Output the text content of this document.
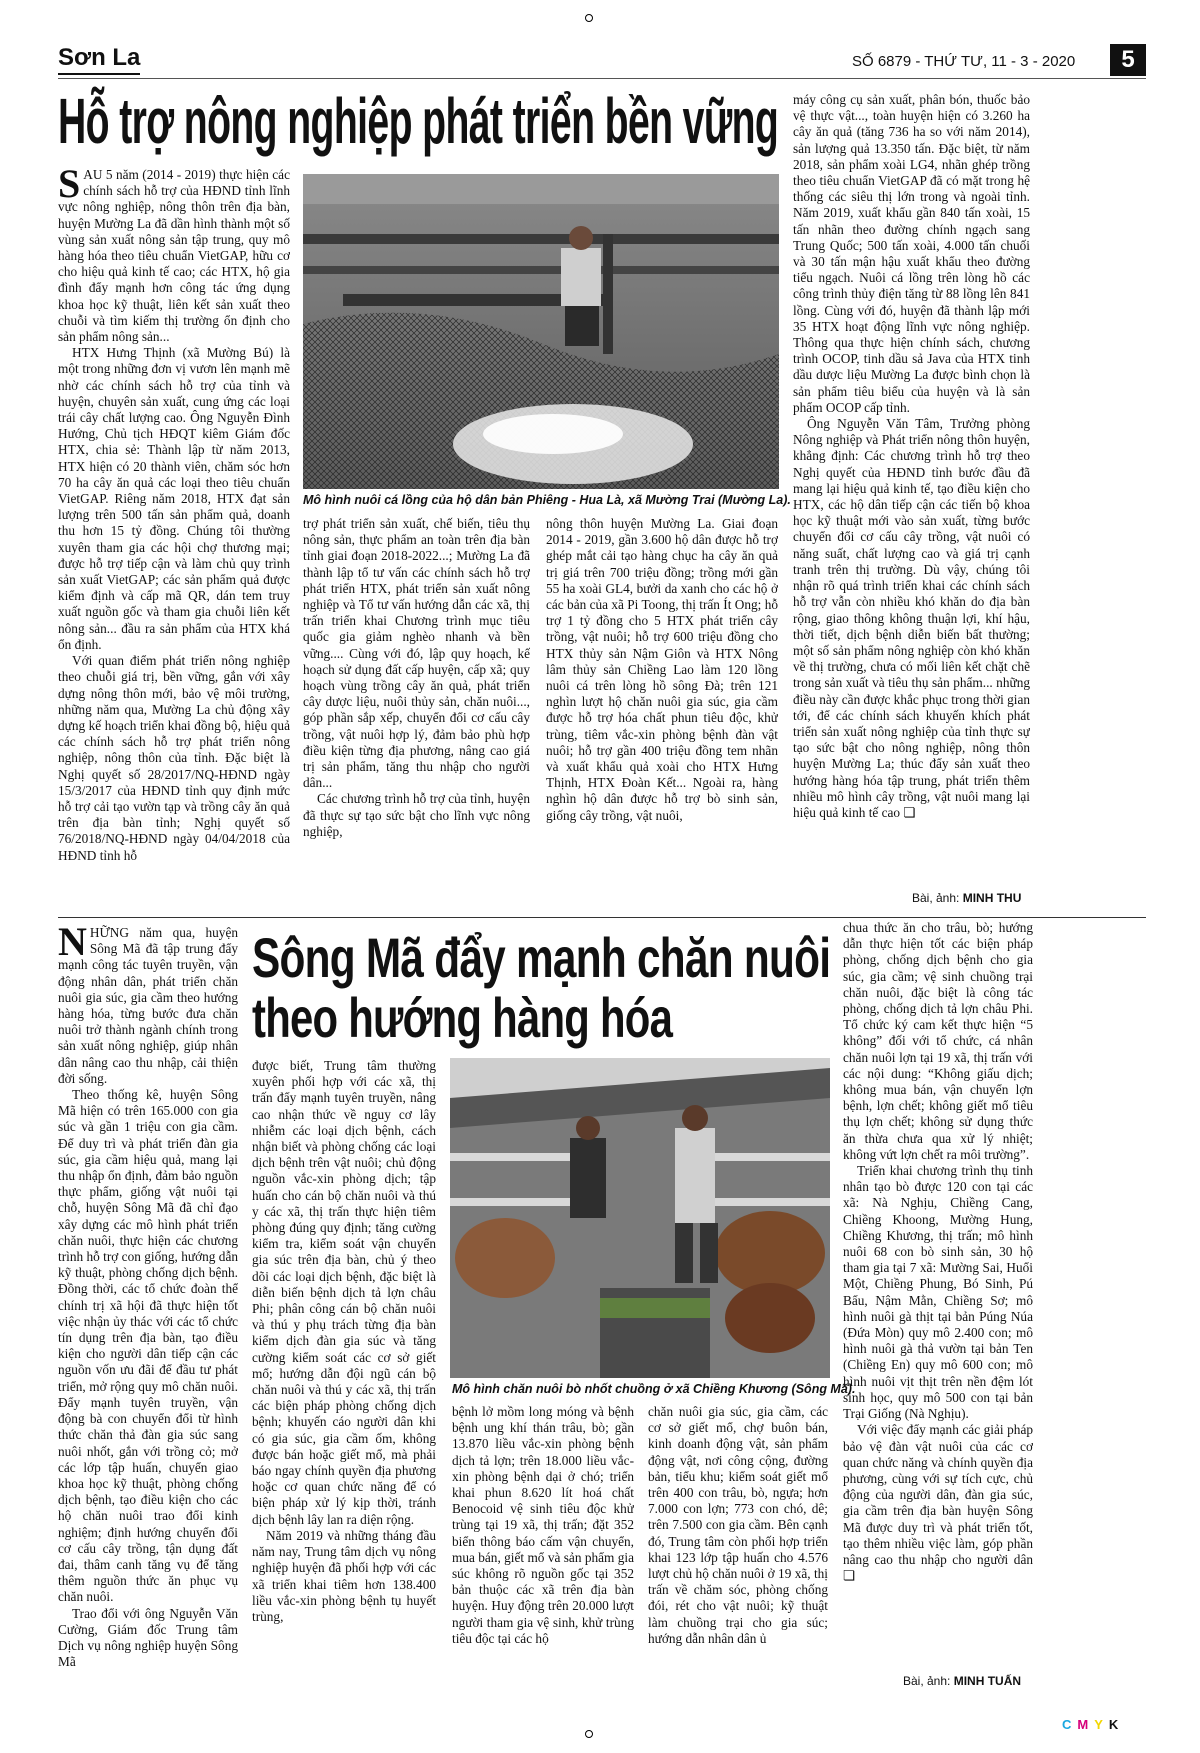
Sơn La	SỐ 6879 - THỨ TƯ, 11 - 3 - 2020	5
Hỗ trợ nông nghiệp phát triển bền vững

SAU 5 năm (2014 - 2019) thực hiện các chính sách hỗ trợ của HĐND tỉnh lĩnh vực nông nghiệp, nông thôn trên địa bàn, huyện Mường La đã dần hình thành một số vùng sản xuất nông sản tập trung, quy mô hàng hóa theo tiêu chuẩn VietGAP, hữu cơ cho hiệu quả kinh tế cao; các HTX, hộ gia đình đẩy mạnh hơn công tác ứng dụng khoa học kỹ thuật, liên kết sản xuất theo chuỗi và tìm kiếm thị trường ổn định cho sản phẩm nông sản...

HTX Hưng Thịnh (xã Mường Bú) là một trong những đơn vị vươn lên mạnh mẽ nhờ các chính sách hỗ trợ của tỉnh và huyện, chuyên sản xuất, cung ứng các loại trái cây chất lượng cao. Ông Nguyễn Đình Hướng, Chủ tịch HĐQT kiêm Giám đốc HTX, chia sẻ: Thành lập từ năm 2013, HTX hiện có 20 thành viên, chăm sóc hơn 70 ha cây ăn quả các loại theo tiêu chuẩn VietGAP. Riêng năm 2018, HTX đạt sản lượng trên 500 tấn sản phẩm quả, doanh thu hơn 15 tỷ đồng. Chúng tôi thường xuyên tham gia các hội chợ thương mại; được hỗ trợ tiếp cận và làm chủ quy trình sản xuất VietGAP; các sản phẩm quả được kiểm định và cấp mã QR, dán tem truy xuất nguồn gốc và tham gia chuỗi liên kết nông sản... đầu ra sản phẩm của HTX khá ổn định.

Với quan điểm phát triển nông nghiệp theo chuỗi giá trị, bền vững, gắn với xây dựng nông thôn mới, bảo vệ môi trường, những năm qua, Mường La chủ động xây dựng kế hoạch triển khai đồng bộ, hiệu quả các chính sách hỗ trợ phát triển nông nghiệp, nông thôn của tỉnh. Đặc biệt là Nghị quyết số 28/2017/NQ-HĐND ngày 15/3/2017 của HĐND tỉnh quy định mức hỗ trợ cải tạo vườn tạp và trồng cây ăn quả trên địa bàn tỉnh; Nghị quyết số 76/2018/NQ-HĐND ngày 04/04/2018 của HĐND tỉnh hỗ

Mô hình nuôi cá lồng của hộ dân bản Phiêng - Hua Là, xã Mường Trai (Mường La).

trợ phát triển sản xuất, chế biến, tiêu thụ nông sản, thực phẩm an toàn trên địa bàn tỉnh giai đoạn 2018-2022...; Mường La đã thành lập tổ tư vấn các chính sách hỗ trợ phát triển HTX, phát triển sản xuất nông nghiệp và Tổ tư vấn hướng dẫn các xã, thị trấn triển khai Chương trình mục tiêu quốc gia giảm nghèo nhanh và bền vững.... Cùng với đó, lập quy hoạch, kế hoạch sử dụng đất cấp huyện, cấp xã; quy hoạch vùng trồng cây ăn quả, phát triển cây dược liệu, nuôi thủy sản, chăn nuôi..., góp phần sắp xếp, chuyển đổi cơ cấu cây trồng, vật nuôi hợp lý, đảm bảo phù hợp điều kiện từng địa phương, nâng cao giá trị sản phẩm, tăng thu nhập cho người dân...

Các chương trình hỗ trợ của tỉnh, huyện đã thực sự tạo sức bật cho lĩnh vực nông nghiệp,

nông thôn huyện Mường La. Giai đoạn 2014 - 2019, gần 3.600 hộ dân được hỗ trợ ghép mắt cải tạo hàng chục ha cây ăn quả trị giá trên 700 triệu đồng; trồng mới gần 55 ha xoài GL4, bưởi da xanh cho các hộ ở các bản của xã Pi Toong, thị trấn Ít Ong; hỗ trợ 1 tỷ đồng cho 5 HTX phát triển cây trồng, vật nuôi; hỗ trợ 600 triệu đồng cho HTX thủy sản Nậm Giôn và HTX Nông lâm thủy sản Chiềng Lao làm 120 lồng nuôi cá trên lòng hồ sông Đà; trên 121 nghìn lượt hộ chăn nuôi gia súc, gia cầm được hỗ trợ hóa chất phun tiêu độc, khử trùng, tiêm vắc-xin phòng bệnh đàn vật nuôi; hỗ trợ gần 400 triệu đồng tem nhãn và xuất khẩu quả xoài cho HTX Hưng Thịnh, HTX Đoàn Kết... Ngoài ra, hàng nghìn hộ dân được hỗ trợ bò sinh sản, giống cây trồng, vật nuôi,

máy công cụ sản xuất, phân bón, thuốc bảo vệ thực vật..., toàn huyện hiện có 3.260 ha cây ăn quả (tăng 736 ha so với năm 2014), sản lượng quả 13.350 tấn. Đặc biệt, từ năm 2018, sản phẩm xoài LG4, nhãn ghép trồng theo tiêu chuẩn VietGAP đã có mặt trong hệ thống các siêu thị lớn trong và ngoài tỉnh. Năm 2019, xuất khẩu gần 840 tấn xoài, 15 tấn nhãn theo đường chính ngạch sang Trung Quốc; 500 tấn xoài, 4.000 tấn chuối và 30 tấn mận hậu xuất khẩu theo đường tiểu ngạch. Nuôi cá lồng trên lòng hồ các công trình thủy điện tăng từ 88 lồng lên 841 lồng. Cùng với đó, huyện đã thành lập mới 35 HTX hoạt động lĩnh vực nông nghiệp. Thông qua thực hiện chính sách, chương trình OCOP, tinh dầu sả Java của HTX tinh dầu dược liệu Mường La được bình chọn là sản phẩm tiêu biểu của huyện và là sản phẩm OCOP cấp tỉnh.

Ông Nguyễn Văn Tâm, Trưởng phòng Nông nghiệp và Phát triển nông thôn huyện, khẳng định: Các chương trình hỗ trợ theo Nghị quyết của HĐND tỉnh bước đầu đã mang lại hiệu quả kinh tế, tạo điều kiện cho HTX, các hộ dân tiếp cận các tiến bộ khoa học kỹ thuật mới vào sản xuất, từng bước chuyển đổi cơ cấu cây trồng, vật nuôi có năng suất, chất lượng cao và giá trị cạnh tranh trên thị trường. Dù vậy, chúng tôi nhận rõ quá trình triển khai các chính sách hỗ trợ vẫn còn nhiều khó khăn do địa bàn rộng, giao thông không thuận lợi, khí hậu, thời tiết, dịch bệnh diễn biến bất thường; một số sản phẩm nông nghiệp còn khó khăn về thị trường, chưa có mối liên kết chặt chẽ trong sản xuất và tiêu thụ sản phẩm... những điều này cần được khắc phục trong thời gian tới, để các chính sách khuyến khích phát triển sản xuất nông nghiệp của tỉnh thực sự tạo sức bật cho nông nghiệp, nông thôn huyện Mường La; thúc đẩy sản xuất theo hướng hàng hóa tập trung, phát triển thêm nhiều mô hình cây trồng, vật nuôi mang lại hiệu quả kinh tế cao ❏

Bài, ảnh: MINH THU

NHỮNG năm qua, huyện Sông Mã đã tập trung đẩy mạnh công tác tuyên truyền, vận động nhân dân, phát triển chăn nuôi gia súc, gia cầm theo hướng hàng hóa, từng bước đưa chăn nuôi trở thành ngành chính trong sản xuất nông nghiệp, giúp nhân dân nâng cao thu nhập, cải thiện đời sống.

Theo thống kê, huyện Sông Mã hiện có trên 165.000 con gia súc và gần 1 triệu con gia cầm. Để duy trì và phát triển đàn gia súc, gia cầm hiệu quả, mang lại thu nhập ổn định, đảm bảo nguồn thực phẩm, giống vật nuôi tại chỗ, huyện Sông Mã đã chỉ đạo xây dựng các mô hình phát triển chăn nuôi, thực hiện các chương trình hỗ trợ con giống, hướng dẫn kỹ thuật, phòng chống dịch bệnh. Đồng thời, các tổ chức đoàn thể chính trị xã hội đã thực hiện tốt việc nhận ủy thác với các tổ chức tín dụng trên địa bàn, tạo điều kiện cho người dân tiếp cận các nguồn vốn ưu đãi để đầu tư phát triển, mở rộng quy mô chăn nuôi. Đẩy mạnh tuyên truyền, vận động bà con chuyển đổi từ hình thức chăn thả đàn gia súc sang nuôi nhốt, gắn với trồng cỏ; mở các lớp tập huấn, chuyển giao khoa học kỹ thuật, phòng chống dịch bệnh, tạo điều kiện cho các hộ chăn nuôi trao đổi kinh nghiệm; định hướng chuyển đổi cơ cấu cây trồng, tận dụng đất đai, thâm canh tăng vụ để tăng thêm nguồn thức ăn phục vụ chăn nuôi.

Trao đổi với ông Nguyễn Văn Cường, Giám đốc Trung tâm Dịch vụ nông nghiệp huyện Sông Mã

Sông Mã đẩy mạnh chăn nuôi
theo hướng hàng hóa

được biết, Trung tâm thường xuyên phối hợp với các xã, thị trấn đẩy mạnh tuyên truyền, nâng cao nhận thức về nguy cơ lây nhiễm các loại dịch bệnh, cách nhận biết và phòng chống các loại dịch bệnh trên vật nuôi; chủ động nguồn vắc-xin phòng dịch; tập huấn cho cán bộ chăn nuôi và thú y các xã, thị trấn thực hiện tiêm phòng đúng quy định; tăng cường kiểm tra, kiểm soát vận chuyển gia súc trên địa bàn, chủ ý theo dõi các loại dịch bệnh, đặc biệt là diễn biến bệnh dịch tả lợn châu Phi; phân công cán bộ chăn nuôi và thú y phụ trách từng địa bàn kiểm dịch đàn gia súc và tăng cường kiểm soát các cơ sở giết mổ; hướng dẫn đội ngũ cán bộ chăn nuôi và thú y các xã, thị trấn các biện pháp phòng chống dịch bệnh; khuyến cáo người dân khi có gia súc, gia cầm ốm, không được bán hoặc giết mổ, mà phải báo ngay chính quyền địa phương hoặc cơ quan chức năng để có biện pháp xử lý kịp thời, tránh dịch bệnh lây lan ra diện rộng.

Năm 2019 và những tháng đầu năm nay, Trung tâm dịch vụ nông nghiệp huyện đã phối hợp với các xã triển khai tiêm hơn 138.400 liều vắc-xin phòng bệnh tụ huyết trùng,

Mô hình chăn nuôi bò nhốt chuồng ở xã Chiềng Khương (Sông Mã).

bệnh lở mồm long móng và bệnh bệnh ung khí thán trâu, bò; gần 13.870 liều vắc-xin phòng bệnh dịch tả lợn; trên 18.000 liều vắc-xin phòng bệnh dại ở chó; triển khai phun 8.620 lít hoá chất Benocoid vệ sinh tiêu độc khử trùng tại 19 xã, thị trấn; đặt 352 biển thông báo cấm vận chuyển, mua bán, giết mổ và sản phẩm gia súc không rõ nguồn gốc tại 352 bản thuộc các xã trên địa bàn huyện. Huy động trên 20.000 lượt người tham gia vệ sinh, khử trùng tiêu độc tại các hộ

chăn nuôi gia súc, gia cầm, các cơ sở giết mổ, chợ buôn bán, kinh doanh động vật, sản phẩm động vật, nơi công cộng, đường bản, tiểu khu; kiểm soát giết mổ trên 400 con trâu, bò, ngựa; hơn 7.000 con lợn; 773 con chó, dê; trên 7.500 con gia cầm. Bên cạnh đó, Trung tâm còn phối hợp triển khai 123 lớp tập huấn cho 4.576 lượt chủ hộ chăn nuôi ở 19 xã, thị trấn về chăm sóc, phòng chống đói, rét cho vật nuôi; kỹ thuật làm chuồng trại cho gia súc; hướng dẫn nhân dân ủ

chua thức ăn cho trâu, bò; hướng dẫn thực hiện tốt các biện pháp phòng, chống dịch bệnh cho gia súc, gia cầm; vệ sinh chuồng trại chăn nuôi, đặc biệt là công tác phòng, chống dịch tả lợn châu Phi. Tổ chức ký cam kết thực hiện “5 không” đối với tổ chức, cá nhân chăn nuôi lợn tại 19 xã, thị trấn với các nội dung: “Không giấu dịch; không mua bán, vận chuyển lợn bệnh, lợn chết; không giết mổ tiêu thụ lợn chết; không sử dụng thức ăn thừa chưa qua xử lý nhiệt; không vứt lợn chết ra môi trường”.

Triển khai chương trình thụ tinh nhân tạo bò được 120 con tại các xã: Nà Nghịu, Chiềng Cang, Chiềng Khoong, Mường Hung, Chiềng Khương, thị trấn; mô hình nuôi 68 con bò sinh sản, 30 hộ tham gia tại 7 xã: Mường Sai, Huổi Một, Chiềng Phung, Bó Sinh, Pú Bẩu, Nậm Mằn, Chiềng Sơ; mô hình nuôi gà thịt tại bản Púng Núa (Đứa Mòn) quy mô 2.400 con; mô hình nuôi gà thả vườn tại bản Ten (Chiềng En) quy mô 600 con; mô hình nuôi vịt thịt trên nền đệm lót sinh học, quy mô 500 con tại bản Trại Giống (Nà Nghịu).

Với việc đẩy mạnh các giải pháp bảo vệ đàn vật nuôi của các cơ quan chức năng và chính quyền địa phương, cùng với sự tích cực, chủ động của người dân, đàn gia súc, gia cầm trên địa bàn huyện Sông Mã được duy trì và phát triển tốt, tạo thêm nhiều việc làm, góp phần nâng cao thu nhập cho người dân ❏

Bài, ảnh: MINH TUẤN
CMYK
